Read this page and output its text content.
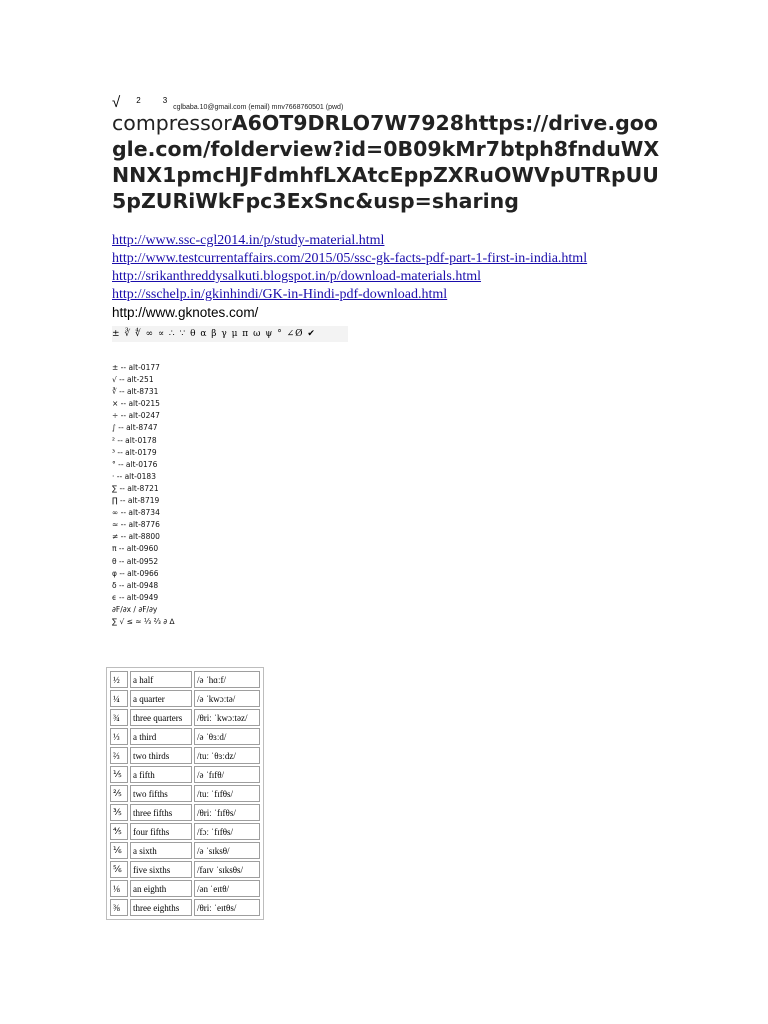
√ 2	3
cglbaba.10@gmail.com (email) mnv7668760501 (pwd)
compressorA6OT9DRLO7W7928https://drive.google.com/folderview?id=0B09kMr7btph8fnduWXNNX1pmcHJFdmhfLXAtcEppZXRuOWVpUTRpUU5pZURiWkFpc3ExSnc&usp=sharing
http://www.ssc-cgl2014.in/p/study-material.html
http://www.testcurrentaffairs.com/2015/05/ssc-gk-facts-pdf-part-1-first-in-india.html
http://srikanthreddysalkuti.blogspot.in/p/download-materials.html
http://sschelp.in/gkinhindi/GK-in-Hindi-pdf-download.html
http://www.gknotes.com/
± ∛ ∜ ∞ ∝ ∴ ∵ θ α β γ μ π ω ψ ° ∠Ø ✔
± -- alt-0177
√ -- alt-251
∛ -- alt-8731
× -- alt-0215
÷ -- alt-0247
∫ -- alt-8747
² -- alt-0178
³ -- alt-0179
° -- alt-0176
· -- alt-0183
∑ -- alt-8721
∏ -- alt-8719
∞ -- alt-8734
≈ -- alt-8776
≠ -- alt-8800
π -- alt-0960
θ -- alt-0952
φ -- alt-0966
δ -- alt-0948
ϵ -- alt-0949
∂F/∂x / ∂F/∂y
∑ √ ≤ ≈ ⅓ ⅔ ∂ ∆
½	a half	/ə ˈhɑːf/
¼	a quarter	/ə ˈkwɔːtə/
¾	three quarters	/θriː ˈkwɔːtəz/
⅓	a third	/ə ˈθɜːd/
⅔	two thirds	/tuː ˈθɜːdz/
⅕	a fifth	/ə ˈfɪfθ/
⅖	two fifths	/tuː ˈfɪfθs/
⅗	three fifths	/θriː ˈfɪfθs/
⅘	four fifths	/fɔː ˈfɪfθs/
⅙	a sixth	/ə ˈsɪksθ/
⅚	five sixths	/faɪv ˈsɪksθs/
⅛	an eighth	/ən ˈeɪtθ/
⅜	three eighths	/θriː ˈeɪtθs/
